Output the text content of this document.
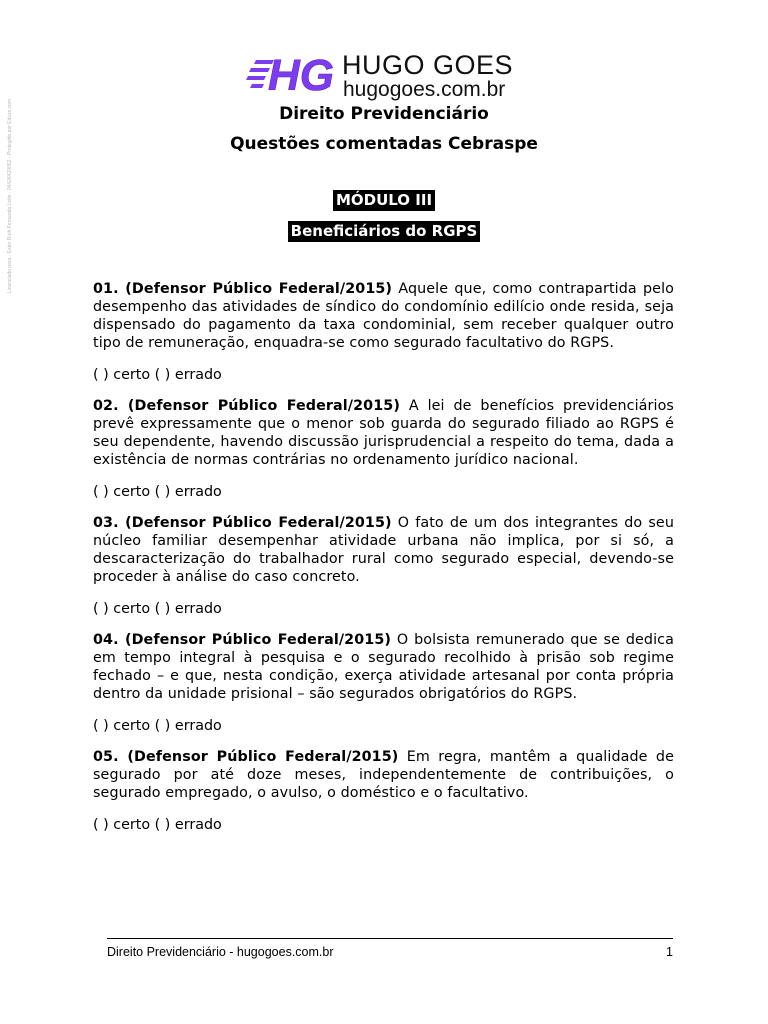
Licenciado para - Ester Ruth Fernanda Leite - 04426429052 - Protegido por Eduzz.com
HG HUGO GOES
hugogoes.com.br
Direito Previdenciário
Questões comentadas Cebraspe
MÓDULO III
Beneficiários do RGPS
01. (Defensor Público Federal/2015) Aquele que, como contrapartida pelo desempenho das atividades de síndico do condomínio edilício onde resida, seja dispensado do pagamento da taxa condominial, sem receber qualquer outro tipo de remuneração, enquadra-se como segurado facultativo do RGPS.
( ) certo ( ) errado
02. (Defensor Público Federal/2015) A lei de benefícios previdenciários prevê expressamente que o menor sob guarda do segurado filiado ao RGPS é seu dependente, havendo discussão jurisprudencial a respeito do tema, dada a existência de normas contrárias no ordenamento jurídico nacional.
( ) certo ( ) errado
03. (Defensor Público Federal/2015) O fato de um dos integrantes do seu núcleo familiar desempenhar atividade urbana não implica, por si só, a descaracterização do trabalhador rural como segurado especial, devendo-se proceder à análise do caso concreto.
( ) certo ( ) errado
04. (Defensor Público Federal/2015) O bolsista remunerado que se dedica em tempo integral à pesquisa e o segurado recolhido à prisão sob regime fechado – e que, nesta condição, exerça atividade artesanal por conta própria dentro da unidade prisional – são segurados obrigatórios do RGPS.
( ) certo ( ) errado
05. (Defensor Público Federal/2015) Em regra, mantêm a qualidade de segurado por até doze meses, independentemente de contribuições, o segurado empregado, o avulso, o doméstico e o facultativo.
( ) certo ( ) errado
Direito Previdenciário - hugogoes.com.br	1
